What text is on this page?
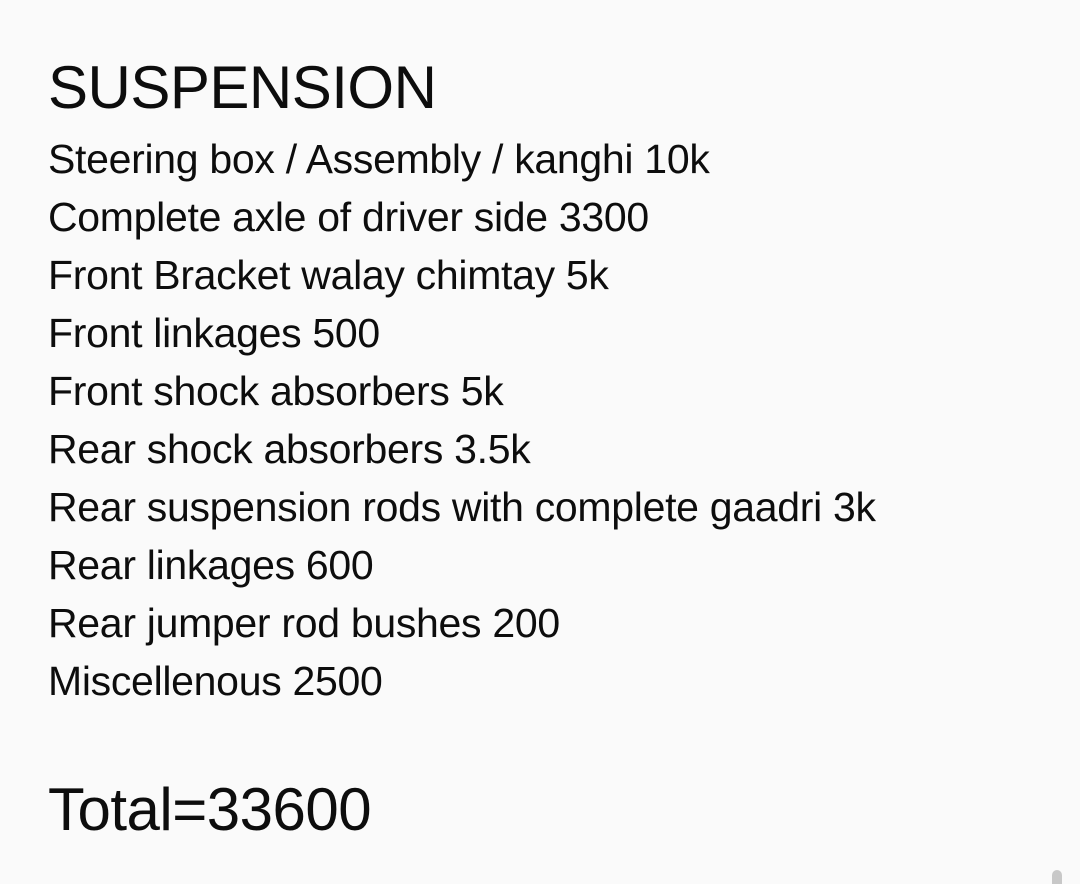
SUSPENSION
Steering box / Assembly / kanghi 10k
Complete axle of driver side 3300
Front Bracket walay chimtay 5k
Front linkages 500
Front shock absorbers 5k
Rear shock absorbers 3.5k
Rear suspension rods with complete gaadri 3k
Rear linkages 600
Rear jumper rod bushes 200
Miscellenous 2500

Total=33600
